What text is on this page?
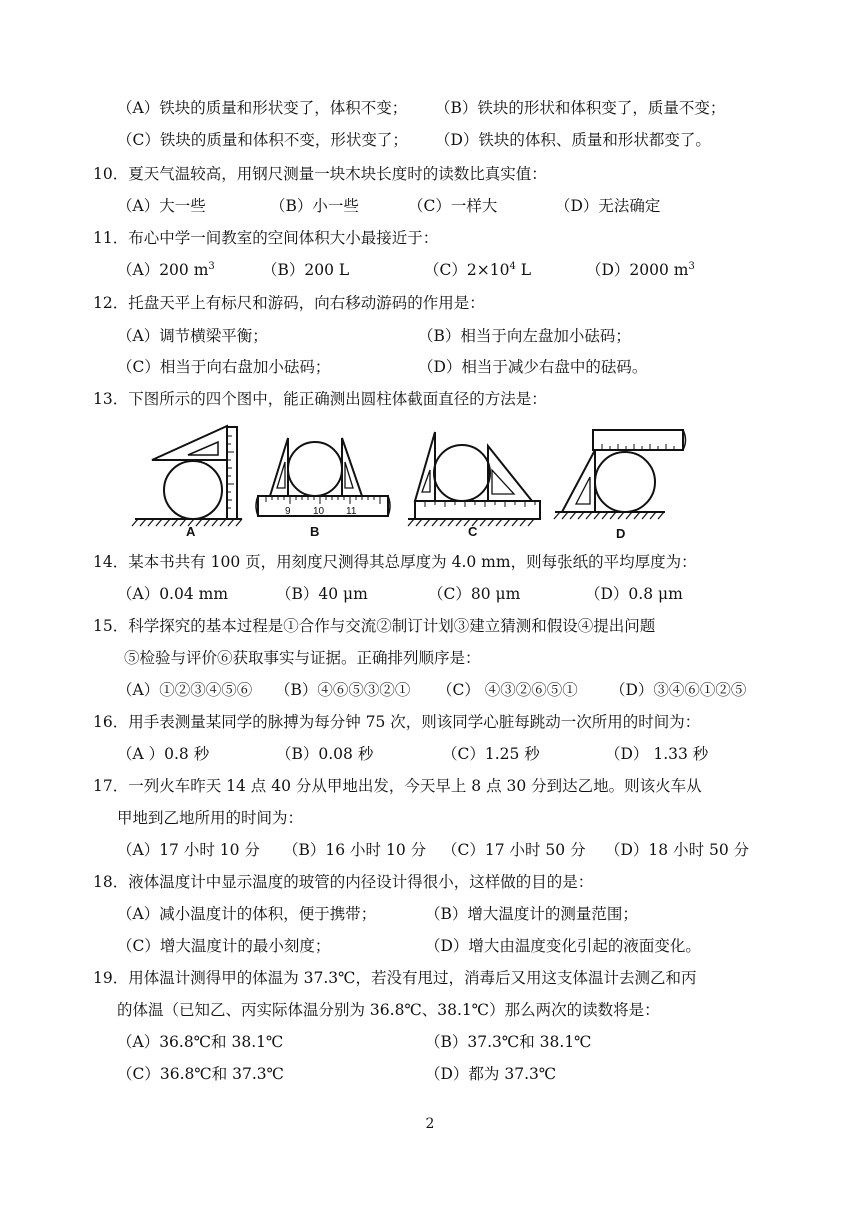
（A）铁块的质量和形状变了，体积不变； （B）铁块的形状和体积变了，质量不变；
（C）铁块的质量和体积不变，形状变了； （D）铁块的体积、质量和形状都变了。
10．夏天气温较高，用钢尺测量一块木块长度时的读数比真实值：
（A）大一些	（B）小一些	（C）一样大	（D）无法确定
11．布心中学一间教室的空间体积大小最接近于：
（A）200 $m^3$	（B）200 L	$(C)2\times 10^4$ L	（D）2000 $m^3$
12．托盘天平上有标尺和游码，向右移动游码的作用是：
（A）调节横梁平衡；	（B）相当于向左盘加小砝码；
（C）相当于向右盘加小砝码；	（D）相当于减少右盘中的砝码。
13．下图所示的四个图中，能正确测出圆柱体截面直径的方法是：
A
9 10 11
B	C	D
14．某本书共有 100 页，用刻度尺测得其总厚度为 4.0 mm，则每张纸的平均厚度为：
（A）0.04 mm	（B）40 μm	（C）80 μm	（D）0.8 μm
15．科学探究的基本过程是①合作与交流②制订计划③建立猜测和假设④提出问题
⑤检验与评价⑥获取事实与证据。正确排列顺序是：
（A）①②③④⑤⑥ （B）④⑥⑤③②① （C） ④③②⑥⑤① （D）③④⑥①②⑤
16．用手表测量某同学的脉搏为每分钟 75 次，则该同学心脏每跳动一次所用的时间为：
（A ）0.8 秒	（B）0.08 秒	（C）1.25 秒	（D） 1.33 秒
17．一列火车昨天 14 点 40 分从甲地出发，今天早上 8 点 30 分到达乙地。则该火车从
甲地到乙地所用的时间为：
（A）17 小时 10 分 （B）16 小时 10 分 （C）17 小时 50 分 （D）18 小时 50 分
18．液体温度计中显示温度的玻管的内径设计得很小，这样做的目的是：
（A）减小温度计的体积，便于携带；	（B）增大温度计的测量范围；
（C）增大温度计的最小刻度；	（D）增大由温度变化引起的液面变化。
19．用体温计测得甲的体温为 37.3℃，若没有甩过，消毒后又用这支体温计去测乙和丙
的体温（已知乙、丙实际体温分别为 36.8℃、38.1℃）那么两次的读数将是：
（A）36.8℃和 38.1℃	（B）37.3℃和 38.1℃
（C）36.8℃和 37.3℃	（D）都为 37.3℃
2
